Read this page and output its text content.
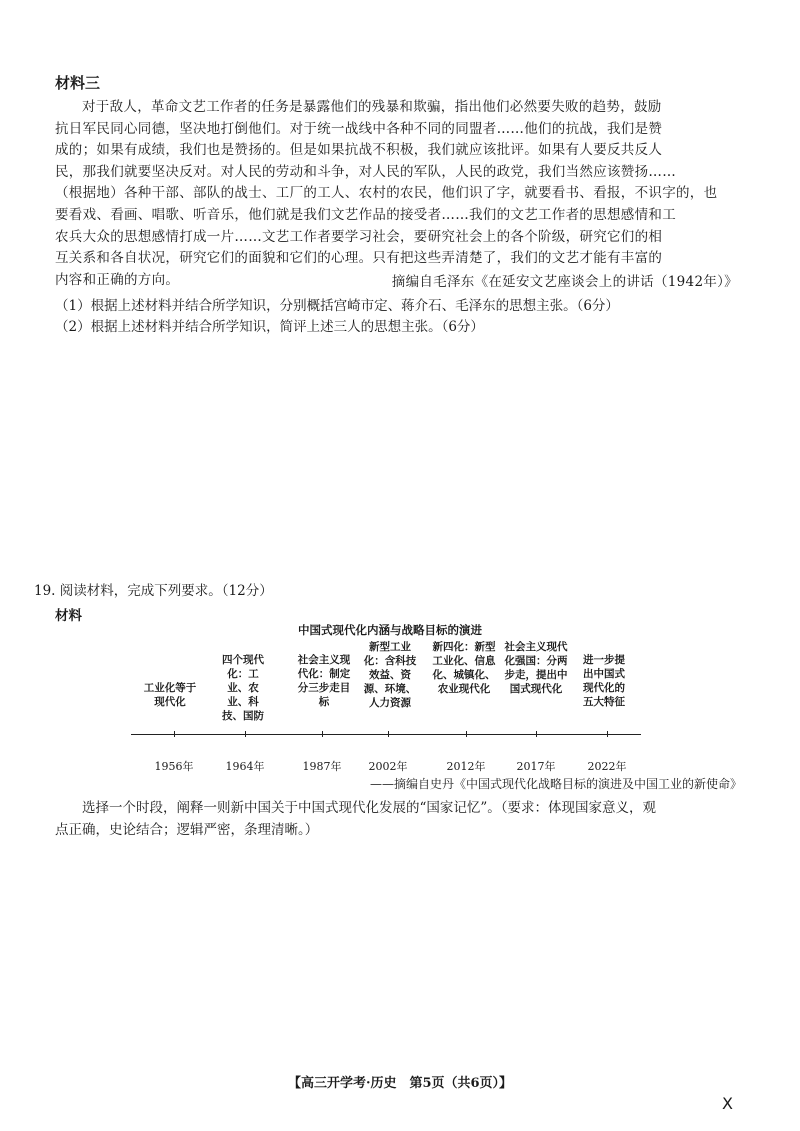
材料三

对于敌人，革命文艺工作者的任务是暴露他们的残暴和欺骗，指出他们必然要失败的趋势，鼓励

抗日军民同心同德，坚决地打倒他们。对于统一战线中各种不同的同盟者……他们的抗战，我们是赞

成的；如果有成绩，我们也是赞扬的。但是如果抗战不积极，我们就应该批评。如果有人要反共反人

民，那我们就要坚决反对。对人民的劳动和斗争，对人民的军队，人民的政党，我们当然应该赞扬……

（根据地）各种干部、部队的战士、工厂的工人、农村的农民，他们识了字，就要看书、看报，不识字的，也

要看戏、看画、唱歌、听音乐，他们就是我们文艺作品的接受者……我们的文艺工作者的思想感情和工

农兵大众的思想感情打成一片……文艺工作者要学习社会，要研究社会上的各个阶级，研究它们的相

互关系和各自状况，研究它们的面貌和它们的心理。只有把这些弄清楚了，我们的文艺才能有丰富的

内容和正确的方向。	摘编自毛泽东《在延安文艺座谈会上的讲话（1942年）》
（1）根据上述材料并结合所学知识，分别概括宫崎市定、蒋介石、毛泽东的思想主张。（6分）
（2）根据上述材料并结合所学知识，简评上述三人的思想主张。（6分）
19. 阅读材料，完成下列要求。（12分）
材料
中国式现代化内涵与战略目标的演进
工业化等于现代化
四个现代化：工业、农业、科技、国防
社会主义现代化：制定分三步走目标
新型工业化：含科技效益、资源、环境、人力资源
新四化：新型工业化、信息化、城镇化、农业现代化
社会主义现代化强国：分两步走，提出中国式现代化
进一步提出中国式现代化的五大特征
1956年	1964年	1987年 2002年	2012年	2017年	2022年
——摘编自史丹《中国式现代化战略目标的演进及中国工业的新使命》
选择一个时段，阐释一则新中国关于中国式现代化发展的“国家记忆”。（要求：体现国家意义，观
点正确，史论结合；逻辑严密，条理清晰。）
【高三开学考·历史　第5页（共6页）】
X
